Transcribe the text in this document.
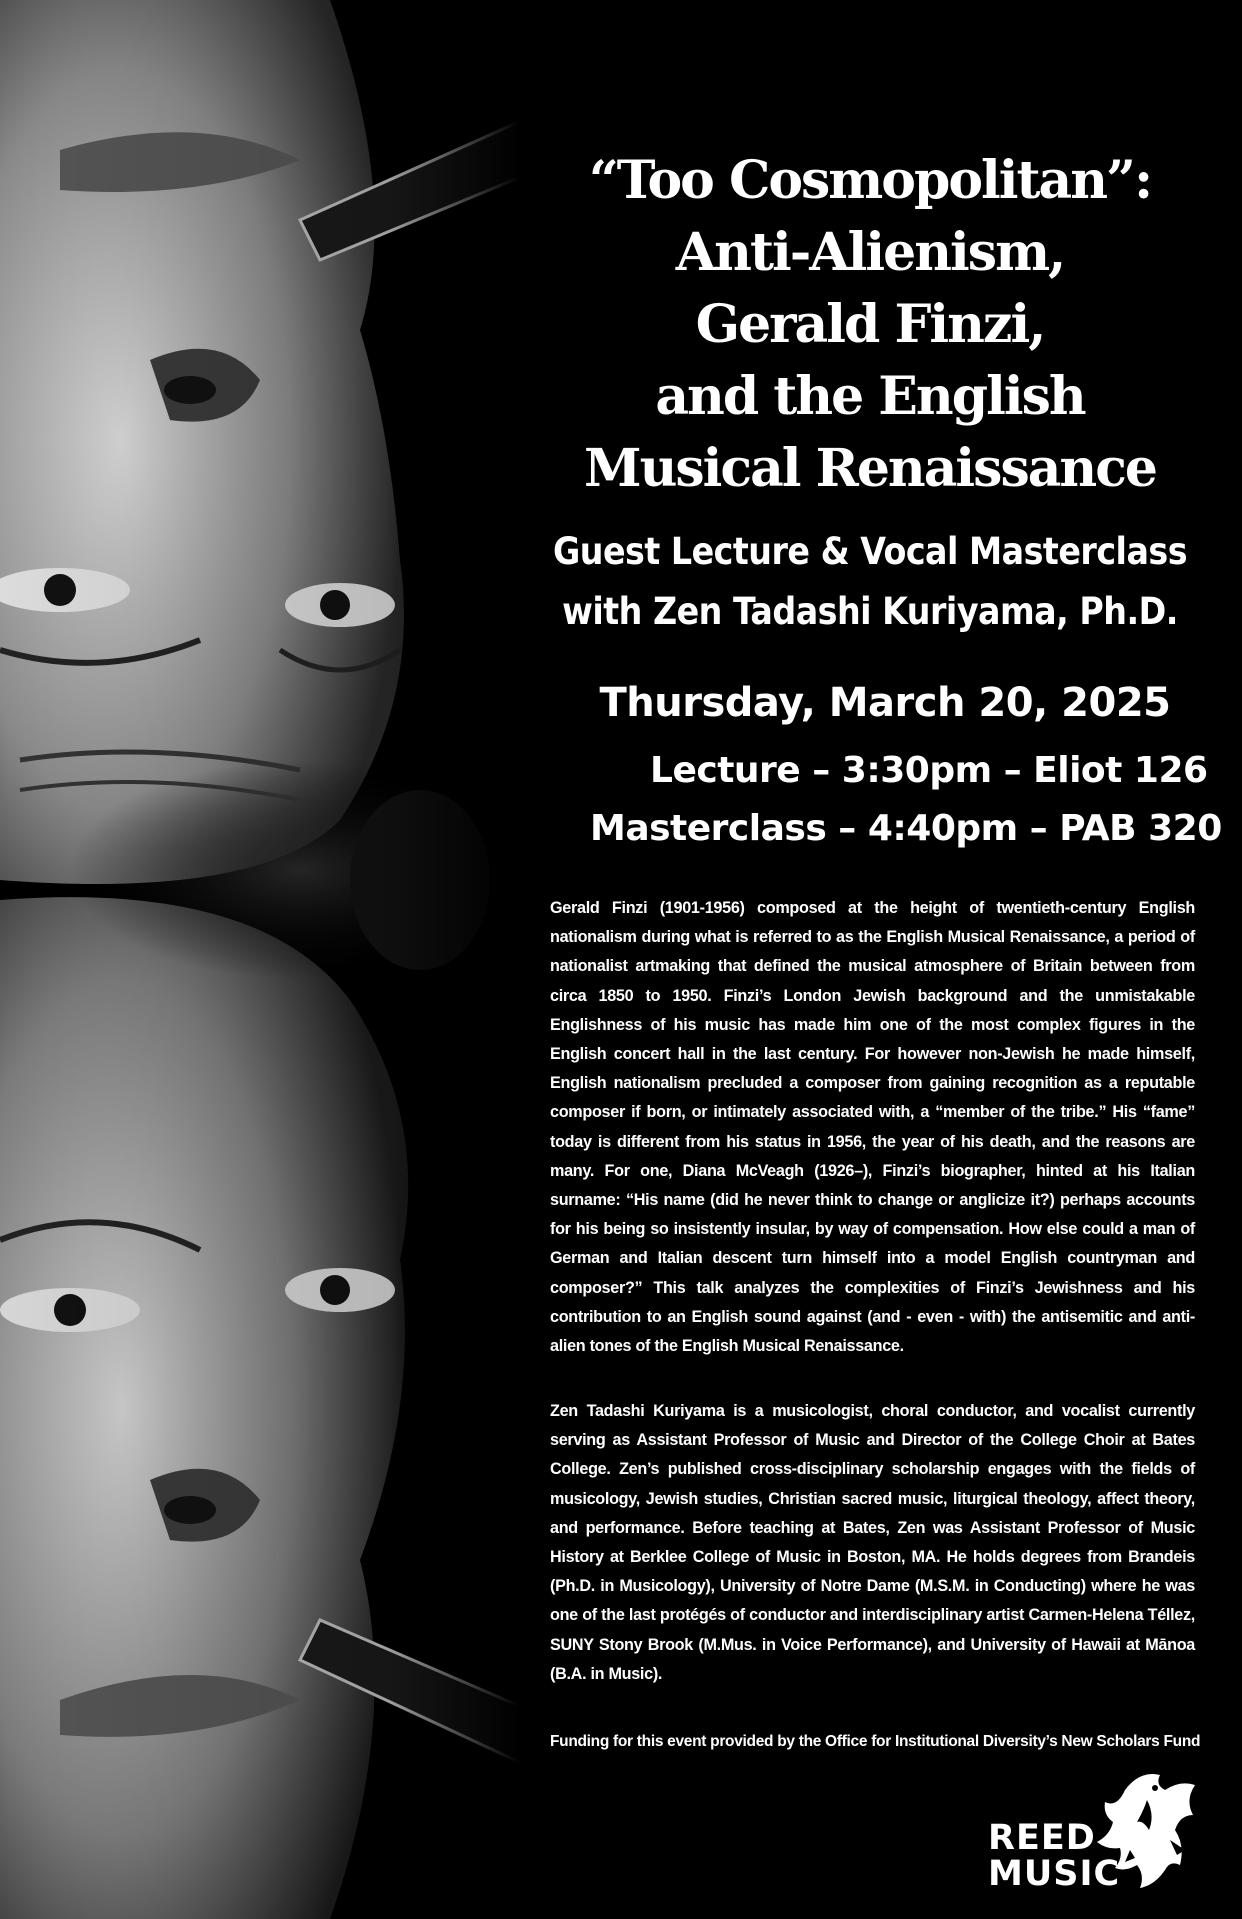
“Too Cosmopolitan”:
Anti-Alienism,
Gerald Finzi,
and the English
Musical Renaissance
Guest Lecture & Vocal Masterclass
with Zen Tadashi Kuriyama, Ph.D.
Thursday, March 20, 2025
Lecture – 3:30pm – Eliot 126
Masterclass – 4:40pm – PAB 320
Gerald Finzi (1901-1956) composed at the height of twentieth-century English nationalism during what is referred to as the English Musical Renaissance, a period of nationalist artmaking that defined the musical atmosphere of Britain between from circa 1850 to 1950. Finzi’s London Jewish background and the unmistakable Englishness of his music has made him one of the most complex figures in the English concert hall in the last century. For however non-Jewish he made himself, English nationalism precluded a composer from gaining recognition as a reputable composer if born, or intimately associated with, a “member of the tribe.” His “fame” today is different from his status in 1956, the year of his death, and the reasons are many. For one, Diana McVeagh (1926–), Finzi’s biographer, hinted at his Italian surname: “His name (did he never think to change or anglicize it?) perhaps accounts for his being so insistently insular, by way of compensation. How else could a man of German and Italian descent turn himself into a model English countryman and composer?” This talk analyzes the complexities of Finzi’s Jewishness and his contribution to an English sound against (and - even - with) the antisemitic and anti-alien tones of the English Musical Renaissance.
Zen Tadashi Kuriyama is a musicologist, choral conductor, and vocalist currently serving as Assistant Professor of Music and Director of the College Choir at Bates College. Zen’s published cross-disciplinary scholarship engages with the fields of musicology, Jewish studies, Christian sacred music, liturgical theology, affect theory, and performance. Before teaching at Bates, Zen was Assistant Professor of Music History at Berklee College of Music in Boston, MA. He holds degrees from Brandeis (Ph.D. in Musicology), University of Notre Dame (M.S.M. in Conducting) where he was one of the last protégés of conductor and interdisciplinary artist Carmen-Helena Téllez, SUNY Stony Brook (M.Mus. in Voice Performance), and University of Hawaii at Mānoa (B.A. in Music).
Funding for this event provided by the Office for Institutional Diversity’s New Scholars Fund
REED
MUSIC
